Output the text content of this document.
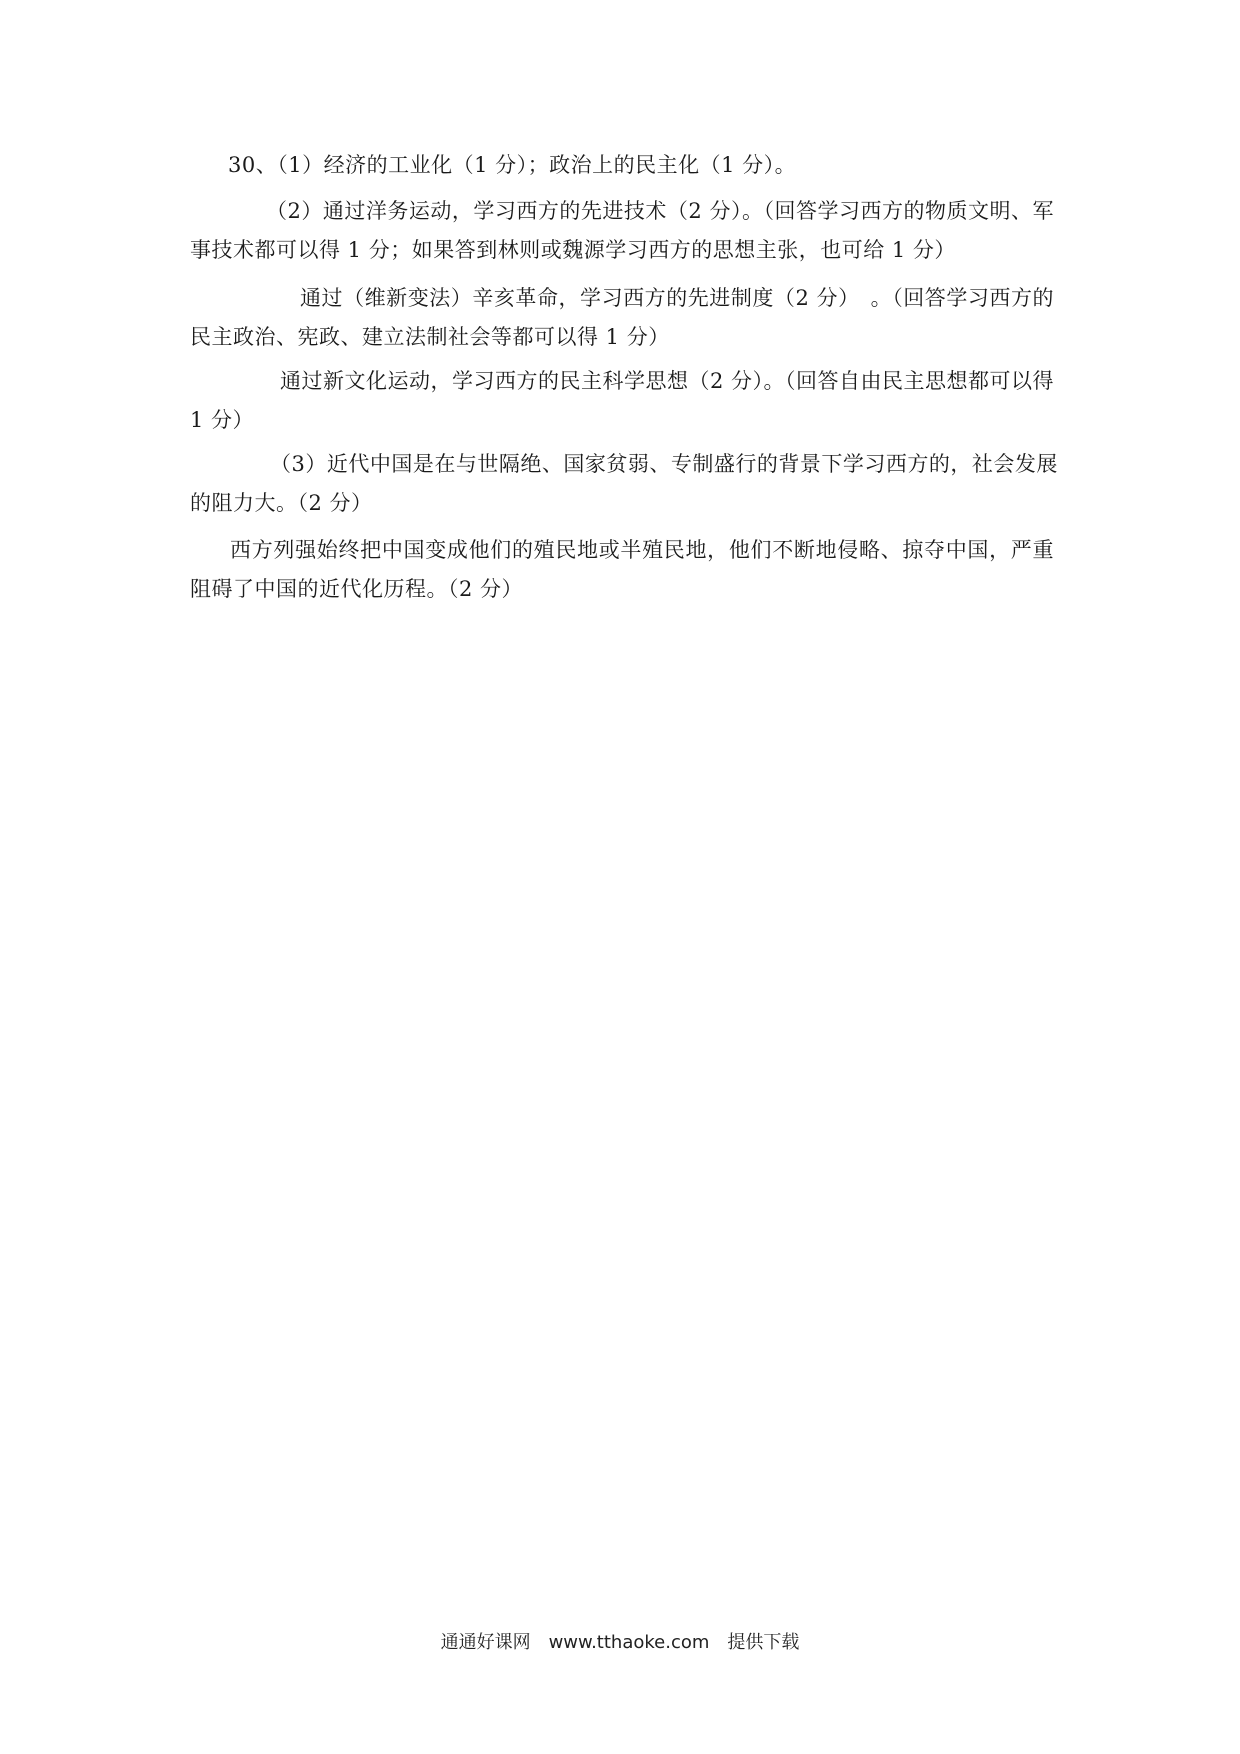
30、（1）经济的工业化（1 分）；政治上的民主化（1 分）。
（2）通过洋务运动，学习西方的先进技术（2 分）。（回答学习西方的物质文明、军
事技术都可以得 1 分；如果答到林则或魏源学习西方的思想主张，也可给 1 分）
通过（维新变法）辛亥革命，学习西方的先进制度（2 分）　。（回答学习西方的
民主政治、宪政、建立法制社会等都可以得 1 分）
通过新文化运动，学习西方的民主科学思想（2 分）。（回答自由民主思想都可以得
1 分）
（3）近代中国是在与世隔绝、国家贫弱、专制盛行的背景下学习西方的，社会发展
的阻力大。（2 分）
西方列强始终把中国变成他们的殖民地或半殖民地，他们不断地侵略、掠夺中国，严重
阻碍了中国的近代化历程。（2 分）
通通好课网　www.tthaoke.com　提供下载
